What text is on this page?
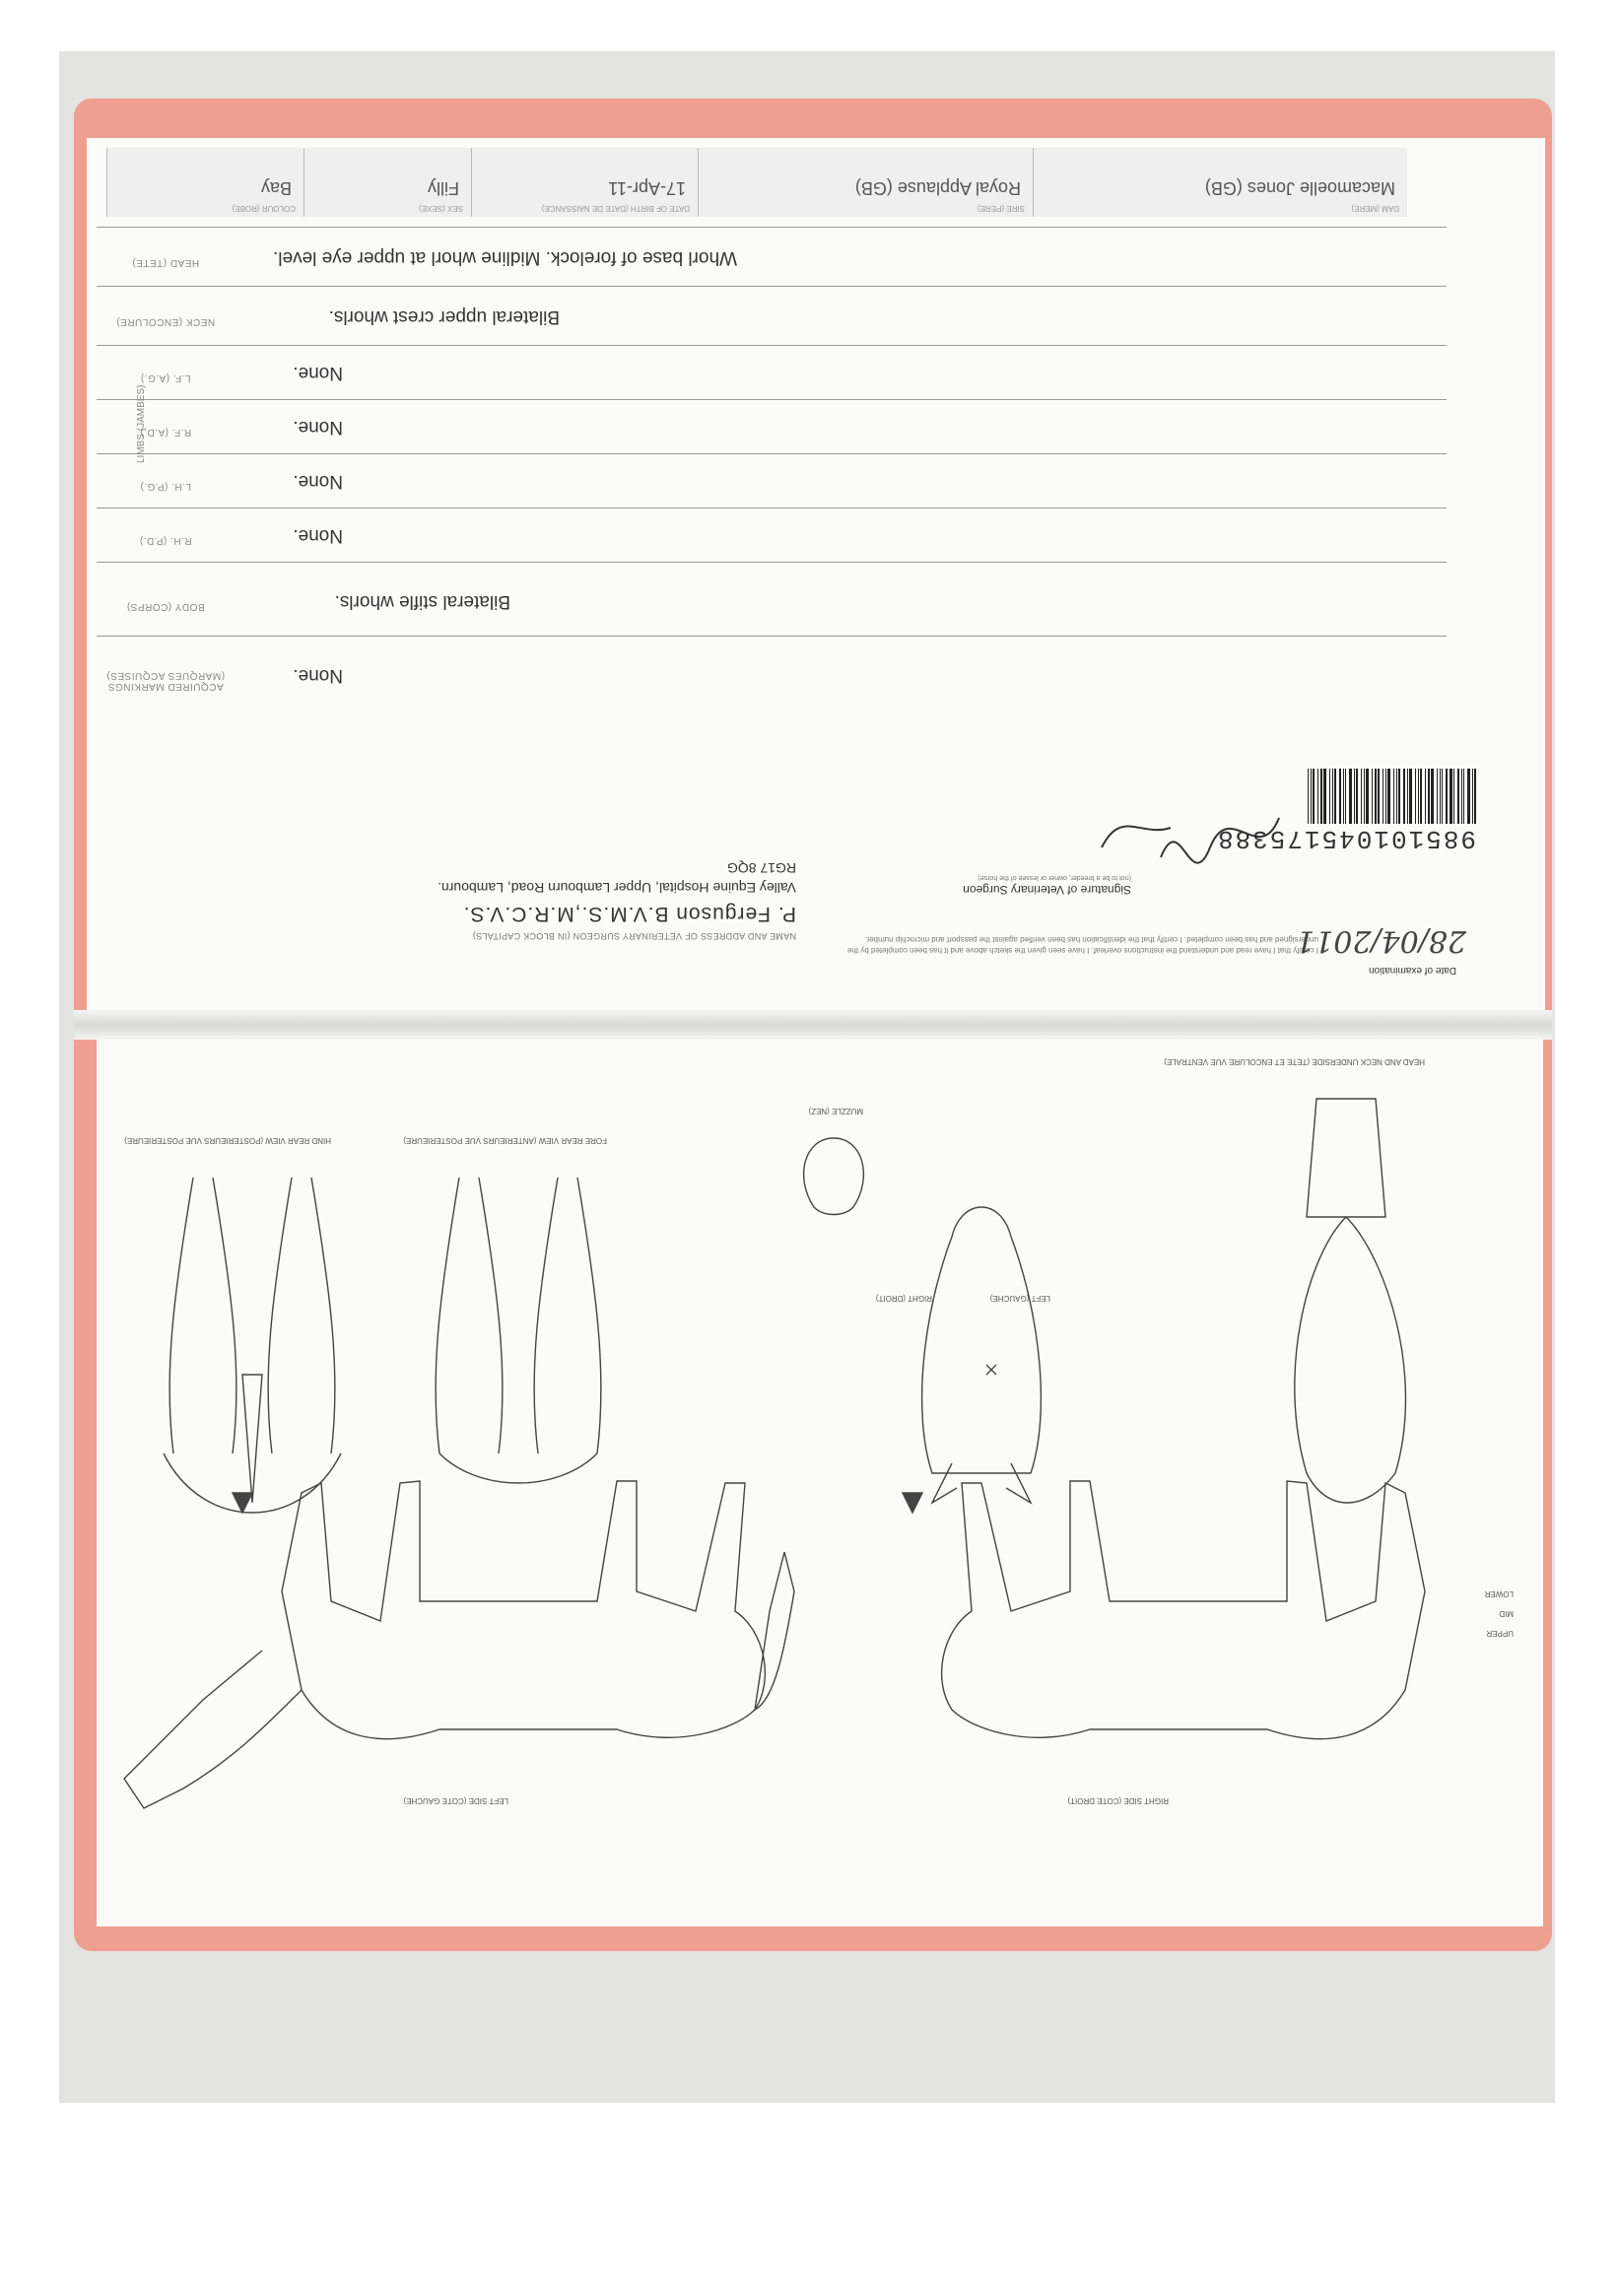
COLOUR (ROBE)
Bay
SEX (SEXE)
Filly
DATE OF BIRTH (DATE DE NAISSANCE)
17-Apr-11
SIRE (PERE)
Royal Applause (GB)
DAM (MERE)
Macamoelle Jones (GB)
HEAD (TETE)	Whorl base of forelock. Midline whorl at upper eye level.
NECK (ENCOLURE)	Bilateral upper crest whorls.
L.F. (A.G.)	None.
R.F. (A.D.)	None.
L.H. (P.G.)	None.
R.H. (P.D.)	None.
BODY (CORPS)	Bilateral stifle whorls.
ACQUIRED MARKINGS (MARQUES ACQUISES)	None.
LIMBS (JAMBES)
NAME AND ADDRESS OF VETERINARY SURGEON (IN BLOCK CAPITALS)
P. Ferguson B.V.M.S.,M.R.C.V.S.
Valley Equine Hospital, Upper Lambourn Road, Lambourn.
RG17 8QG
I certify that I have read and understand the instructions overleaf. I have seen given the sketch above and it has been completed by the undersigned and has been completed. I certify that the identification has been verified against the passport and microchip number.
Signature of Veterinary Surgeon
(not to be a breeder, owner or lessee of the horse)
Date of examination
28/04/2011
985101045175388
LEFT SIDE (COTE GAUCHE)	RIGHT SIDE (COTE DROIT)
HEAD AND NECK UNDERSIDE (TETE ET ENCOLURE VUE VENTRALE)
MUZZLE (NEZ)
FORE REAR VIEW (ANTERIEURS VUE POSTERIEURE)
HIND REAR VIEW (POSTERIEURS VUE POSTERIEURE)
LEFT (GAUCHE)
RIGHT (DROIT)
UPPER
MID
LOWER
